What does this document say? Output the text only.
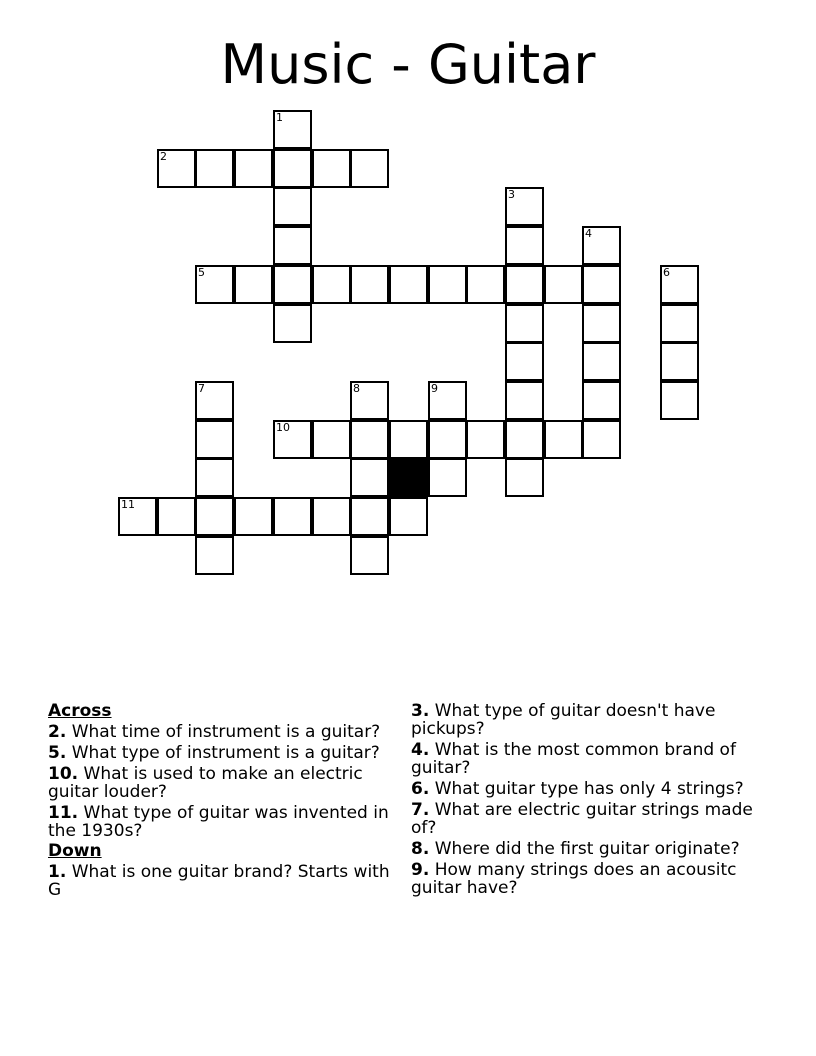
Music - Guitar
1
2
3
4
5	6
7	8	9
10
11
Across
2. What time of instrument is a guitar?
5. What type of instrument is a guitar?
10. What is used to make an electric guitar louder?
11. What type of guitar was invented in the 1930s?
Down
1. What is one guitar brand? Starts with G
3. What type of guitar doesn't have pickups?
4. What is the most common brand of guitar?
6. What guitar type has only 4 strings?
7. What are electric guitar strings made of?
8. Where did the first guitar originate?
9. How many strings does an acousitc guitar have?
